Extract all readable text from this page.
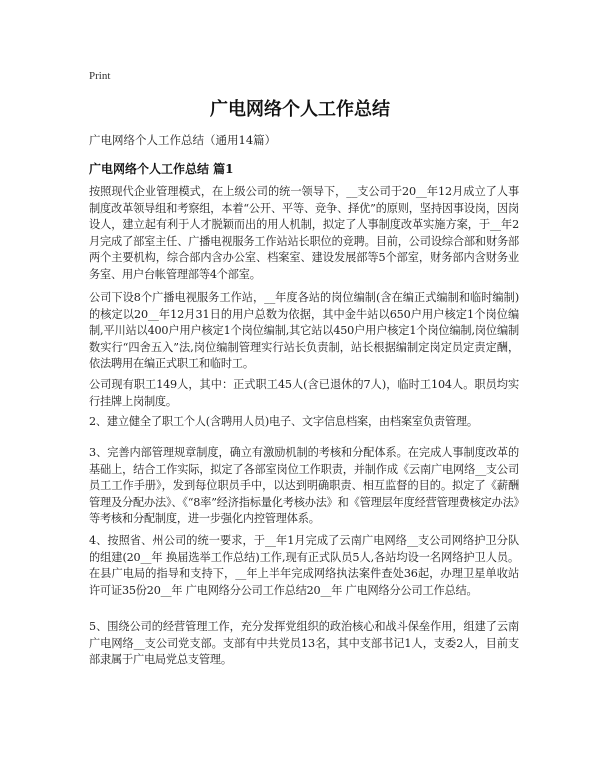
Print
广电网络个人工作总结

广电网络个人工作总结（通用14篇）

广电网络个人工作总结 篇1

按照现代企业管理模式，在上级公司的统一领导下，__支公司于20__年12月成立了人事制度改革领导组和考察组，本着“公开、平等、竞争、择优”的原则，坚持因事设岗，因岗设人，建立起有利于人才脱颖而出的用人机制，拟定了人事制度改革实施方案，于__年2月完成了部室主任、广播电视服务工作站站长职位的竞聘。目前，公司设综合部和财务部两个主要机构，综合部内含办公室、档案室、建设发展部等5个部室，财务部内含财务业务室、用户台帐管理部等4个部室。

公司下设8个广播电视服务工作站，__年度各站的岗位编制(含在编正式编制和临时编制)的核定以20__年12月31日的用户总数为依据，其中金牛站以650户用户核定1个岗位编制,平川站以400户用户核定1个岗位编制,其它站以450户用户核定1个岗位编制,岗位编制数实行“四舍五入”法,岗位编制管理实行站长负责制，站长根据编制定岗定员定责定酬，依法聘用在编正式职工和临时工。

公司现有职工149人，其中：正式职工45人(含已退休的7人)，临时工104人。职员均实行挂牌上岗制度。

2、建立健全了职工个人(含聘用人员)电子、文字信息档案，由档案室负责管理。

3、完善内部管理规章制度，确立有激励机制的考核和分配体系。在完成人事制度改革的基础上，结合工作实际，拟定了各部室岗位工作职责，并制作成《云南广电网络__支公司员工工作手册》，发到每位职员手中，以达到明确职责、相互监督的目的。拟定了《薪酬管理及分配办法》、《“8率”经济指标量化考核办法》和《管理层年度经营管理费核定办法》等考核和分配制度，进一步强化内控管理体系。

4、按照省、州公司的统一要求，于__年1月完成了云南广电网络__支公司网络护卫分队的组建(20__年 换届选举工作总结)工作,现有正式队员5人,各站均设一名网络护卫人员。在县广电局的指导和支持下，__年上半年完成网络执法案件查处36起，办理卫星单收站许可证35份20__年 广电网络分公司工作总结20__年 广电网络分公司工作总结。

5、围绕公司的经营管理工作，充分发挥党组织的政治核心和战斗保垒作用，组建了云南广电网络__支公司党支部。支部有中共党员13名，其中支部书记1人，支委2人，目前支部隶属于广电局党总支管理。
